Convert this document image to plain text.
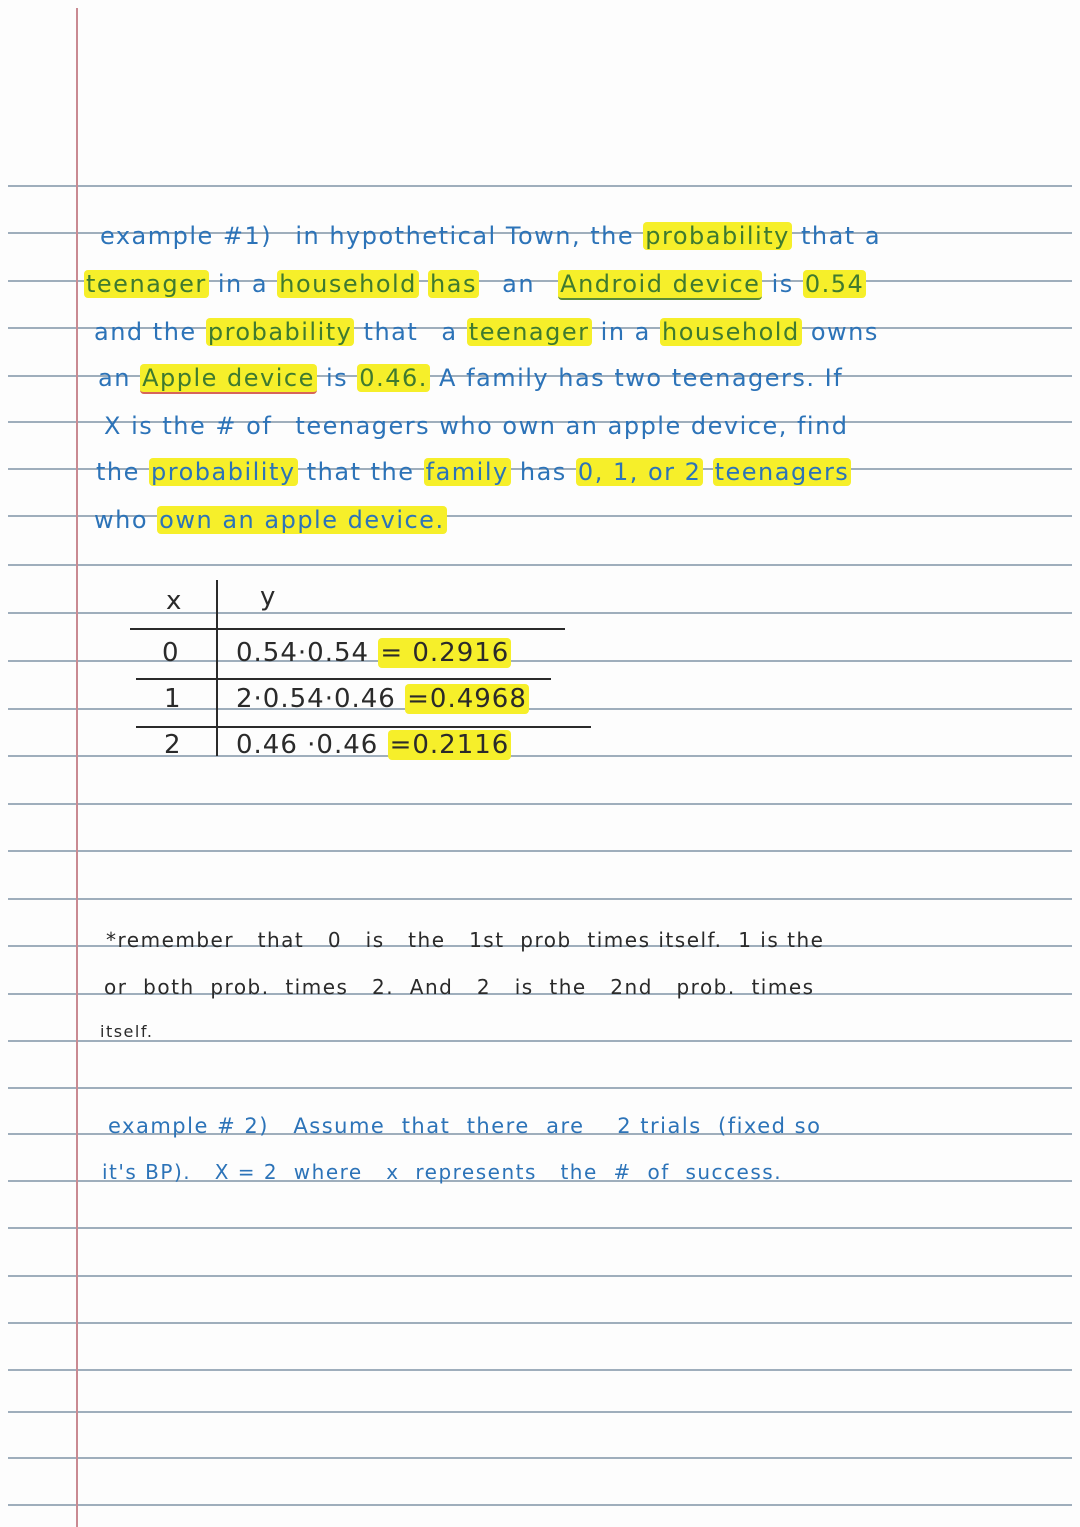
example #1) in hypothetical Town, the probability that a
teenager in a household has an Android device is 0.54
and the probability that a teenager in a household owns
an Apple device is 0.46. A family has two teenagers. If
X is the # of teenagers who own an apple device, find
the probability that the family has 0, 1, or 2 teenagers
who own an apple device.
x	y
0 0.54·0.54 = 0.2916
1 2·0.54·0.46 =0.4968
2 0.46 ·0.46 =0.2116
*remember   that   0   is   the   1st  prob  times itself.  1 is the
or  both  prob.  times   2.  And   2   is  the   2nd   prob.  times
itself.
example # 2)   Assume  that  there  are    2 trials  (fixed so
it's BP).   X = 2  where   x  represents   the  #  of  success.
